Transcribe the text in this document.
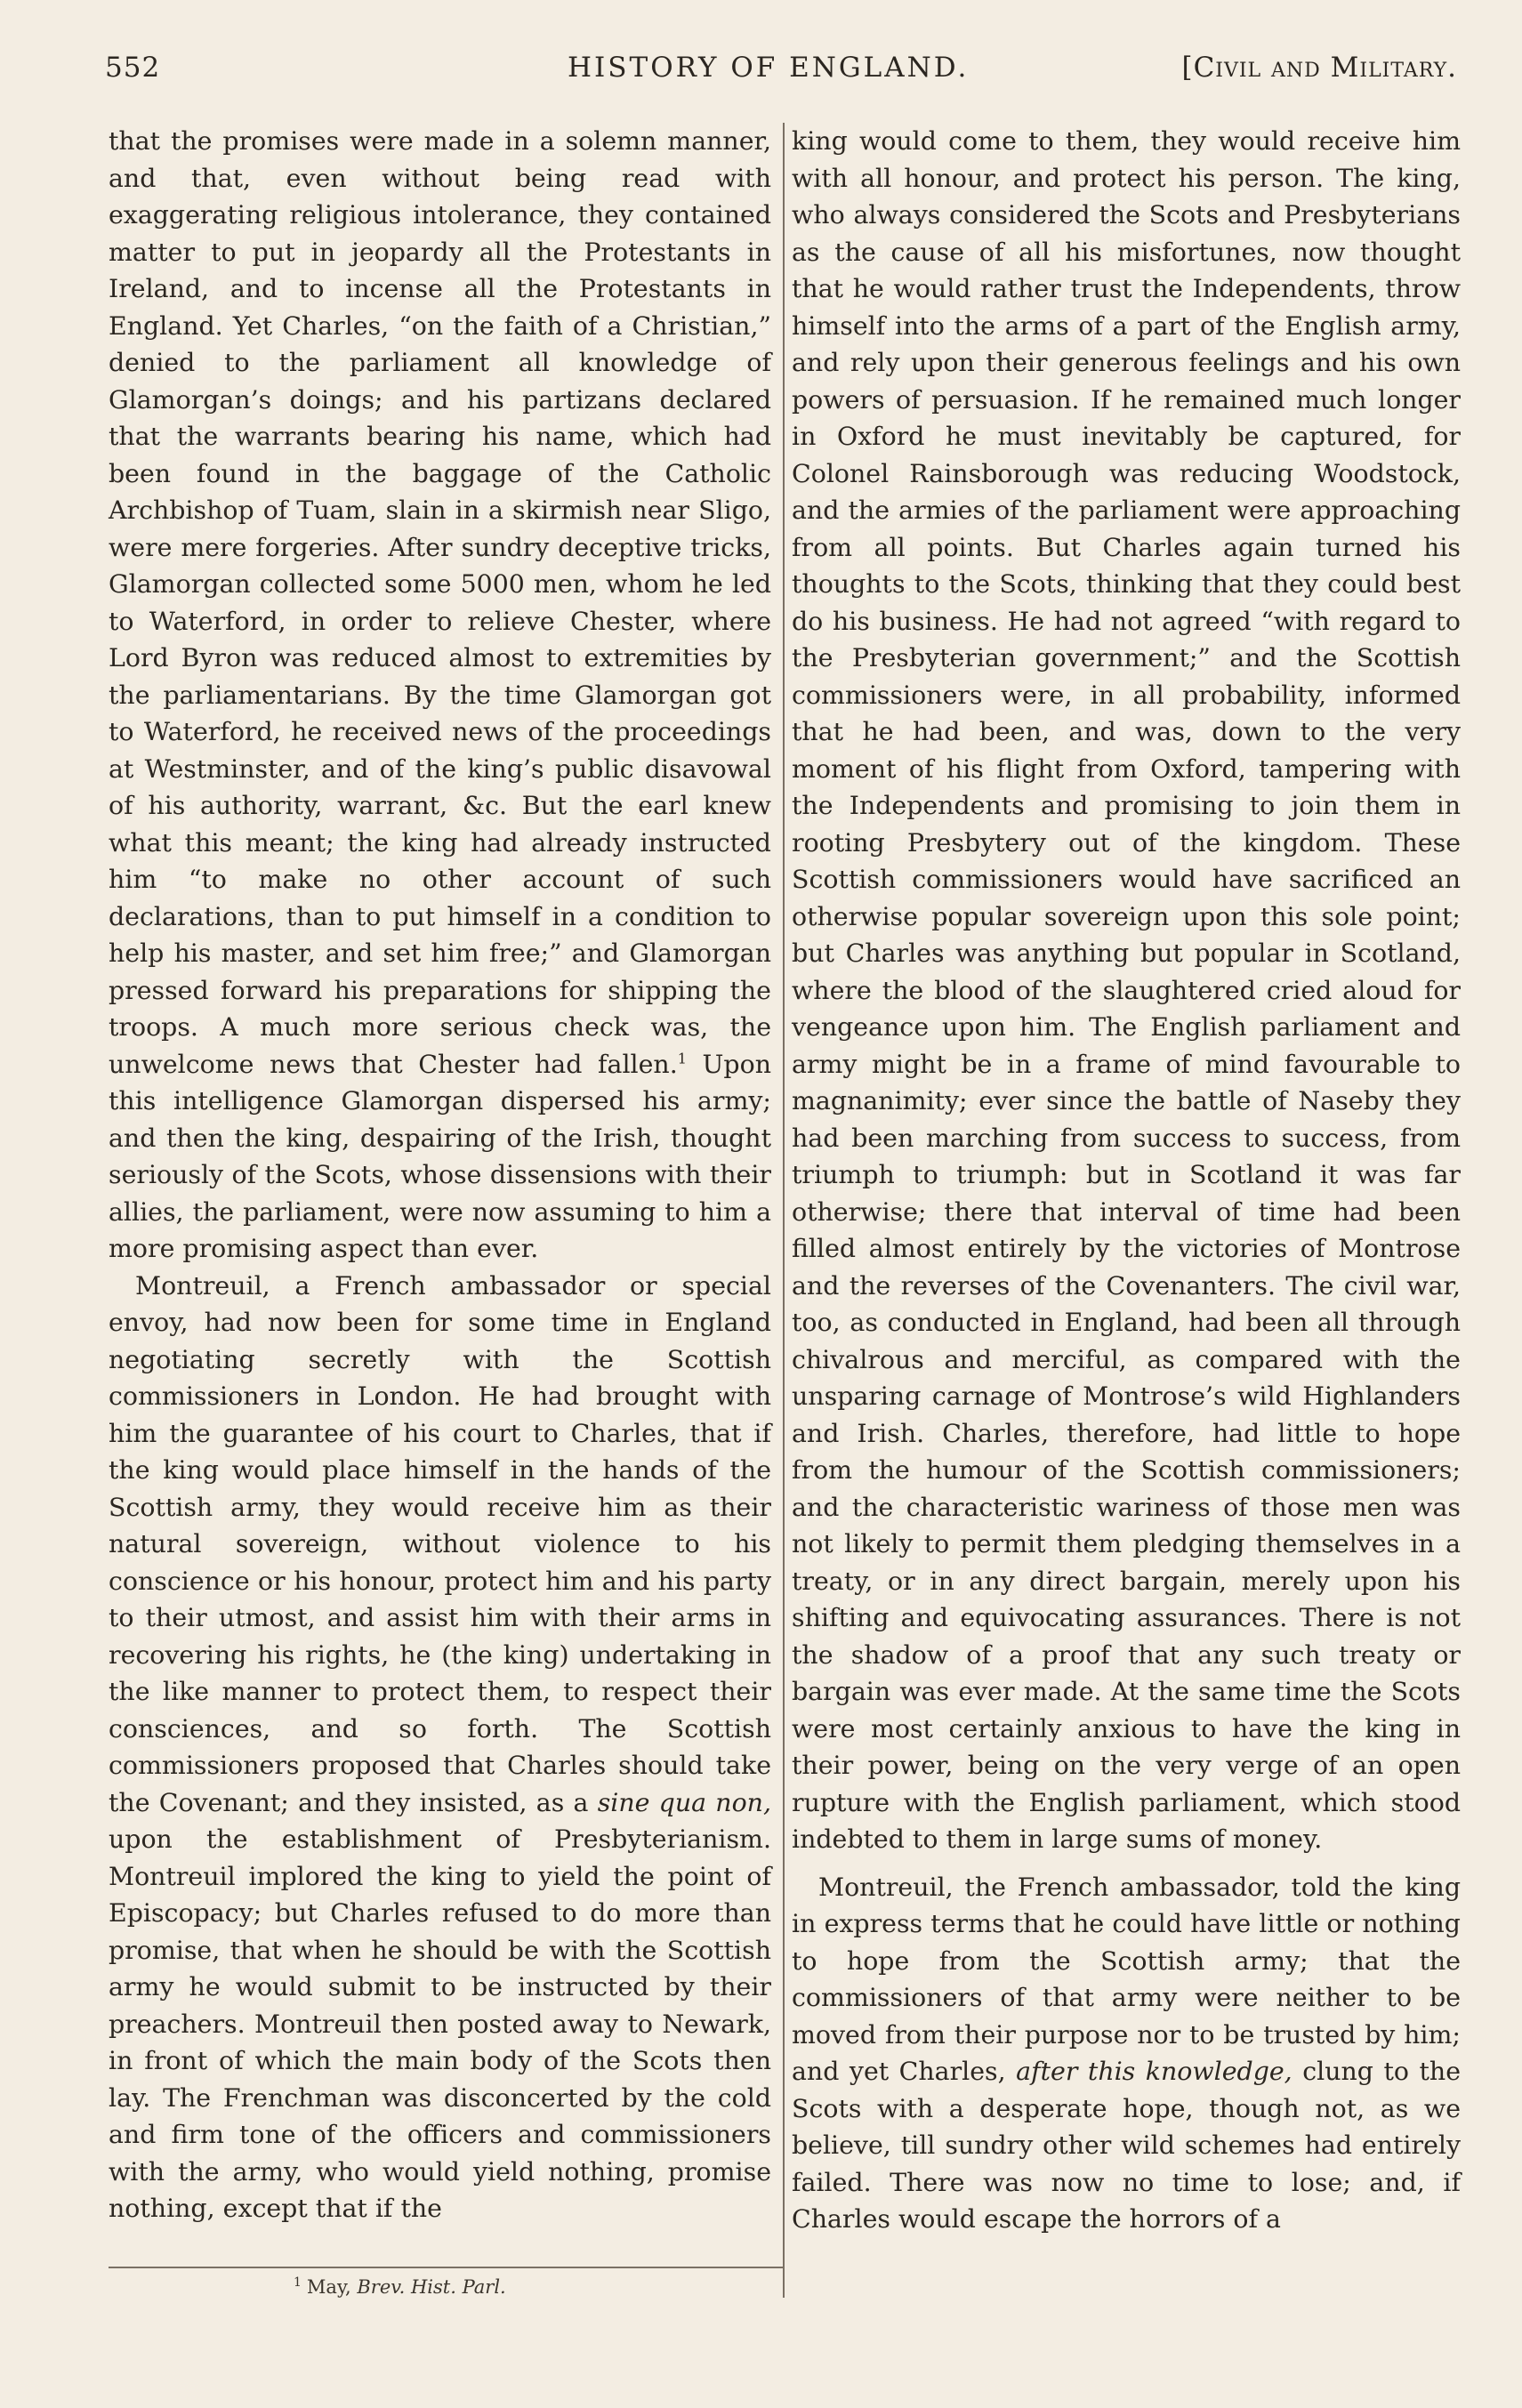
552	HISTORY OF ENGLAND.	[Civil and Military.

that the promises were made in a solemn manner, and that, even without being read with exaggerating religious intolerance, they contained matter to put in jeopardy all the Protestants in Ireland, and to incense all the Protestants in England. Yet Charles, “on the faith of a Christian,” denied to the parliament all knowledge of Glamorgan’s doings; and his partizans declared that the warrants bearing his name, which had been found in the baggage of the Catholic Archbishop of Tuam, slain in a skirmish near Sligo, were mere forgeries. After sundry deceptive tricks, Glamorgan collected some 5000 men, whom he led to Waterford, in order to relieve Chester, where Lord Byron was reduced almost to extremities by the parliamentarians. By the time Glamorgan got to Waterford, he received news of the proceedings at Westminster, and of the king’s public disavowal of his authority, warrant, &c. But the earl knew what this meant; the king had already instructed him “to make no other account of such declarations, than to put himself in a condition to help his master, and set him free;” and Glamorgan pressed forward his preparations for shipping the troops. A much more serious check was, the unwelcome news that Chester had fallen.$^1$ Upon this intelligence Glamorgan dispersed his army; and then the king, despairing of the Irish, thought seriously of the Scots, whose dissensions with their allies, the parliament, were now assuming to him a more promising aspect than ever.

Montreuil, a French ambassador or special envoy, had now been for some time in England negotiating secretly with the Scottish commissioners in London. He had brought with him the guarantee of his court to Charles, that if the king would place himself in the hands of the Scottish army, they would receive him as their natural sovereign, without violence to his conscience or his honour, protect him and his party to their utmost, and assist him with their arms in recovering his rights, he (the king) undertaking in the like manner to protect them, to respect their consciences, and so forth. The Scottish commissioners proposed that Charles should take the Covenant; and they insisted, as a sine qua non, upon the establishment of Presbyterianism. Montreuil implored the king to yield the point of Episcopacy; but Charles refused to do more than promise, that when he should be with the Scottish army he would submit to be instructed by their preachers. Montreuil then posted away to Newark, in front of which the main body of the Scots then lay. The Frenchman was disconcerted by the cold and firm tone of the officers and commissioners with the army, who would yield nothing, promise nothing, except that if the

king would come to them, they would receive him with all honour, and protect his person. The king, who always considered the Scots and Presbyterians as the cause of all his misfortunes, now thought that he would rather trust the Independents, throw himself into the arms of a part of the English army, and rely upon their generous feelings and his own powers of persuasion. If he remained much longer in Oxford he must inevitably be captured, for Colonel Rainsborough was reducing Woodstock, and the armies of the parliament were approaching from all points. But Charles again turned his thoughts to the Scots, thinking that they could best do his business. He had not agreed “with regard to the Presbyterian government;” and the Scottish commissioners were, in all probability, informed that he had been, and was, down to the very moment of his flight from Oxford, tampering with the Independents and promising to join them in rooting Presbytery out of the kingdom. These Scottish commissioners would have sacrificed an otherwise popular sovereign upon this sole point; but Charles was anything but popular in Scotland, where the blood of the slaughtered cried aloud for vengeance upon him. The English parliament and army might be in a frame of mind favourable to magnanimity; ever since the battle of Naseby they had been marching from success to success, from triumph to triumph: but in Scotland it was far otherwise; there that interval of time had been filled almost entirely by the victories of Montrose and the reverses of the Covenanters. The civil war, too, as conducted in England, had been all through chivalrous and merciful, as compared with the unsparing carnage of Montrose’s wild Highlanders and Irish. Charles, therefore, had little to hope from the humour of the Scottish commissioners; and the characteristic wariness of those men was not likely to permit them pledging themselves in a treaty, or in any direct bargain, merely upon his shifting and equivocating assurances. There is not the shadow of a proof that any such treaty or bargain was ever made. At the same time the Scots were most certainly anxious to have the king in their power, being on the very verge of an open rupture with the English parliament, which stood indebted to them in large sums of money.

Montreuil, the French ambassador, told the king in express terms that he could have little or nothing to hope from the Scottish army; that the commissioners of that army were neither to be moved from their purpose nor to be trusted by him; and yet Charles, after this knowledge, clung to the Scots with a desperate hope, though not, as we believe, till sundry other wild schemes had entirely failed. There was now no time to lose; and, if Charles would escape the horrors of a

$^1$ May, Brev. Hist. Parl.
